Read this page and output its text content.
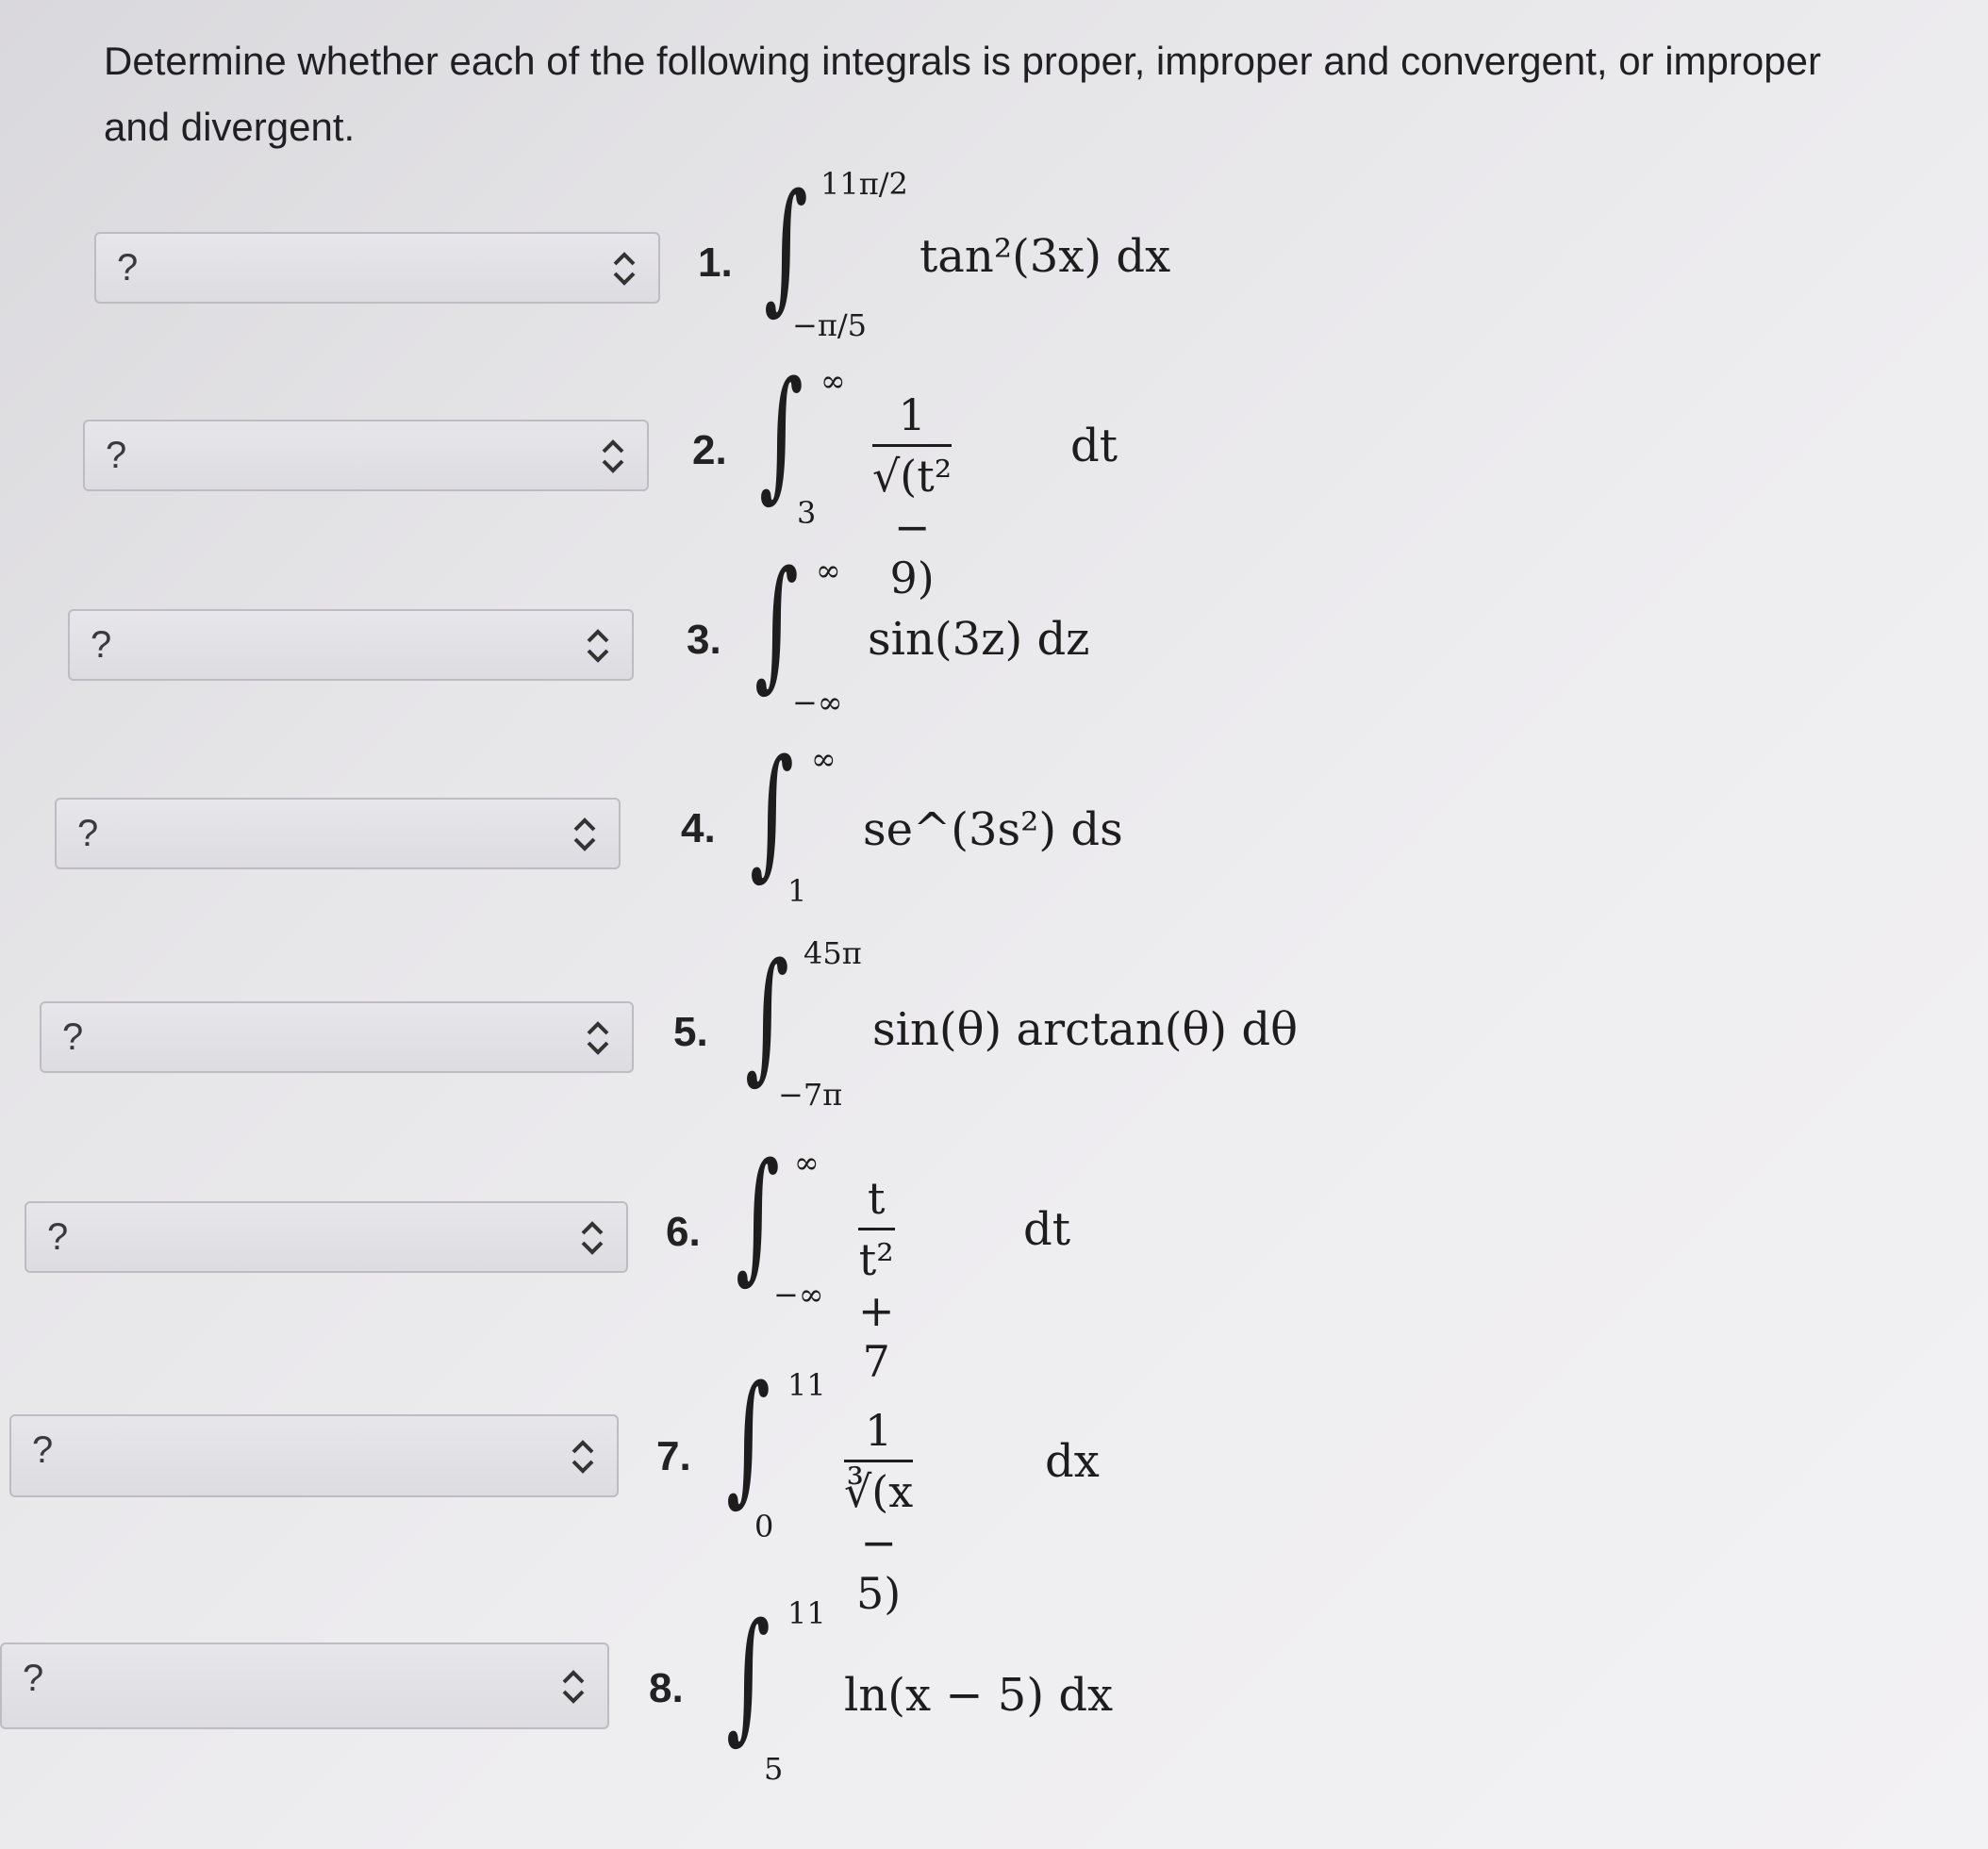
Determine whether each of the following integrals is proper, improper and convergent, or improper and divergent.
?	1. ∫ 11π/2
−π/5
tan²(3x) dx
?	2. ∫ ∞
$3 \frac{1}{\text{√(t² − 9)}}$	dt
?	3. ∫ ∞
−∞
sin(3z) dz
?	4. ∫ ∞
1
se^(3s²) ds
?	5. ∫ 45π
−7π
sin(θ) arctan(θ) dθ
?	6. ∫ ∞
−∞ $\frac{t}{\text{t² + 7}}$	dt
?	7. ∫ 11
$0 \frac{1}{∛(x - 5)}$	dx
?	8. ∫ 11
5
ln(x − 5) dx
